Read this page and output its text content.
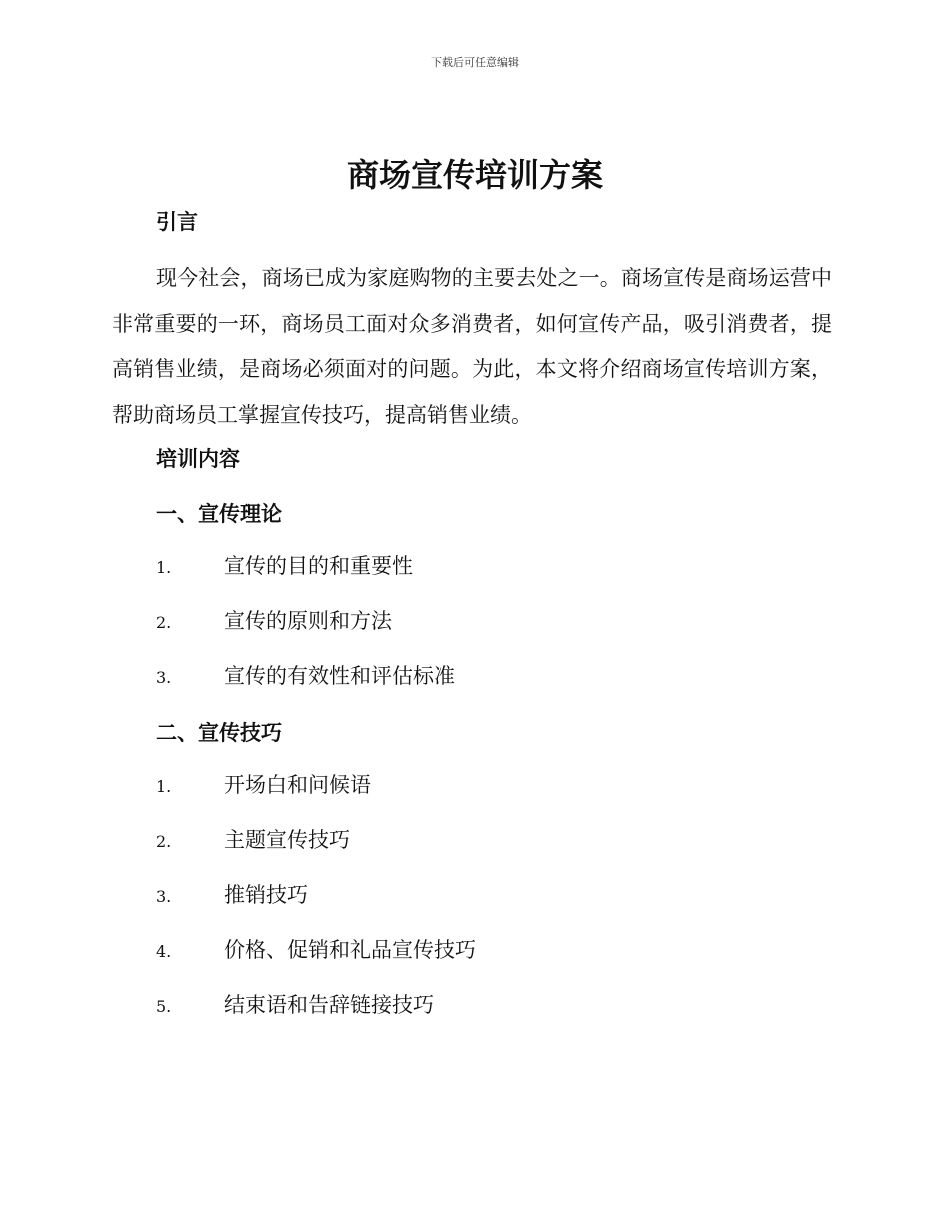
下载后可任意编辑
商场宣传培训方案
引言
现今社会，商场已成为家庭购物的主要去处之一。商场宣传是商场运营中非常重要的一环，商场员工面对众多消费者，如何宣传产品，吸引消费者，提高销售业绩，是商场必须面对的问题。为此，本文将介绍商场宣传培训方案，帮助商场员工掌握宣传技巧，提高销售业绩。
培训内容
一、宣传理论
1.	宣传的目的和重要性
2.	宣传的原则和方法
3.	宣传的有效性和评估标准
二、宣传技巧
1.	开场白和问候语
2.	主题宣传技巧
3.	推销技巧
4.	价格、促销和礼品宣传技巧
5.	结束语和告辞链接技巧
